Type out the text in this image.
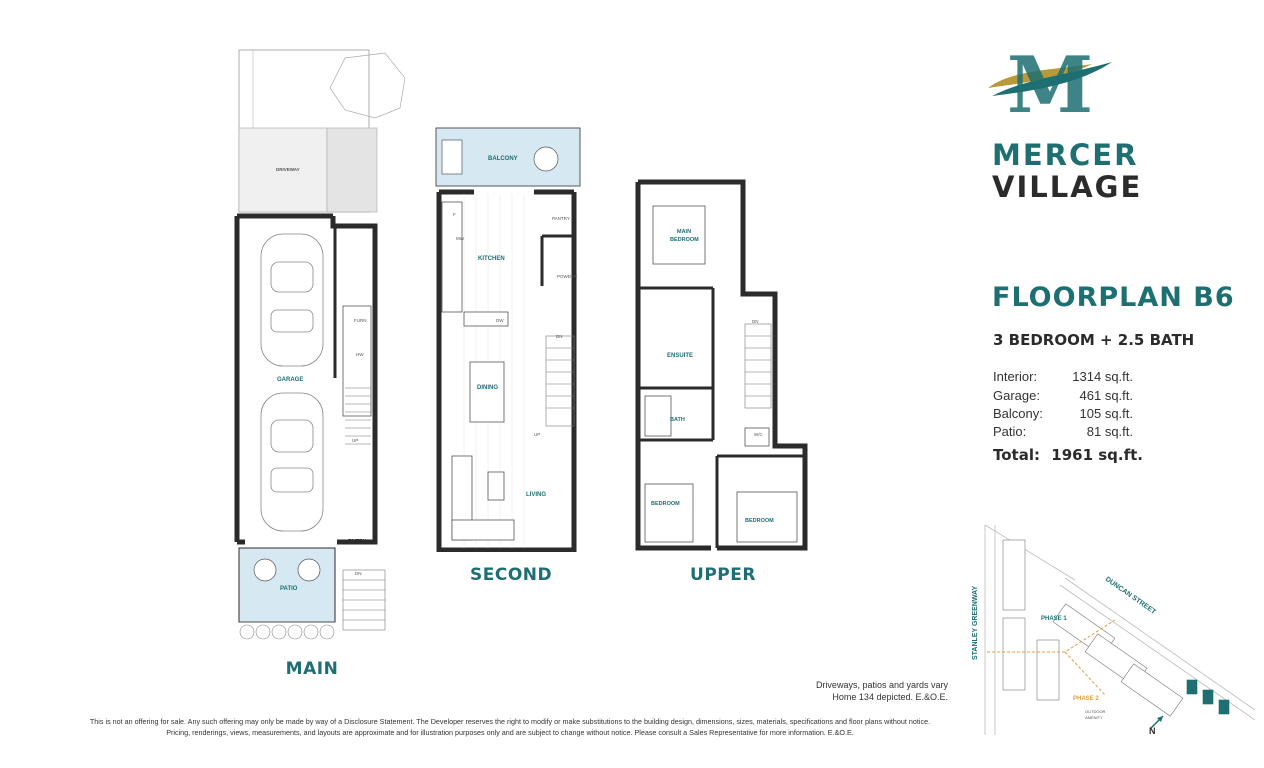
DRIVEWAY
GARAGE
FURN
HW
UP
ENTRY
DN
PATIO
MAIN
BALCONY
F
PANTRY
MW
KITCHEN
POWDER
DW
DN
DINING
UP
LIVING
SECOND
MAIN
BEDROOM
DN
ENSUITE
BATH
W/C
BEDROOM
BEDROOM
UPPER
M
MERCER
VILLAGE
FLOORPLAN B6
3 BEDROOM + 2.5 BATH
Interior:	1314 sq.ft.
Garage:	461 sq.ft.
Balcony:	105 sq.ft.
Patio:	81 sq.ft.
Total: 1961 sq.ft.
STANLEY GREENWAY	DUNCAN STREET
PHASE 1
PHASE 2
OUTDOOR
AMENITY
N
Driveways, patios and yards vary
Home 134 depicted. E.&O.E.
This is not an offering for sale. Any such offering may only be made by way of a Disclosure Statement. The Developer reserves the right to modify or make substitutions to the building design, dimensions, sizes, materials, specifications and floor plans without notice. Pricing, renderings, views, measurements, and layouts are approximate and for illustration purposes only and are subject to change without notice. Please consult a Sales Representative for more information. E.&O.E.
